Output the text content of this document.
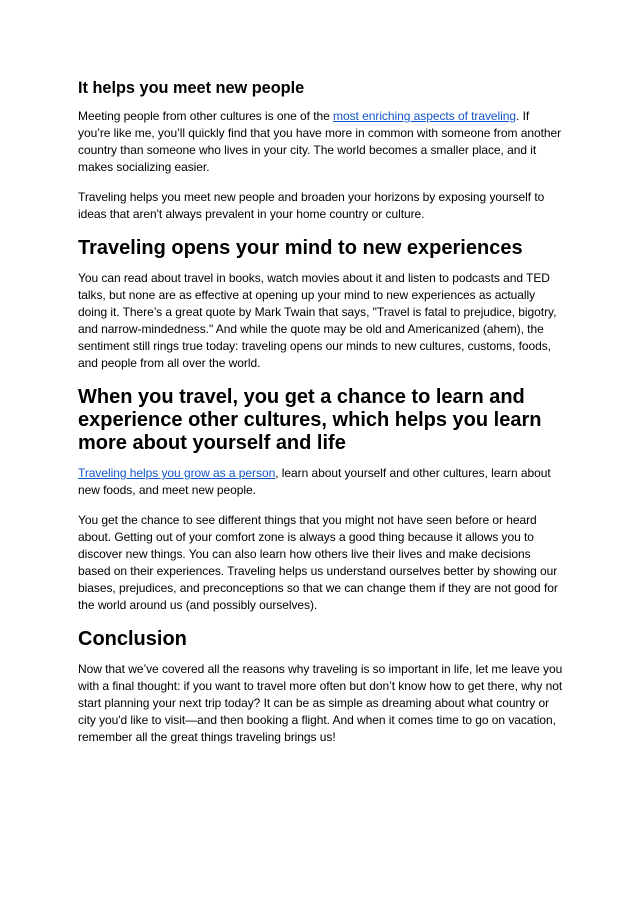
It helps you meet new people

Meeting people from other cultures is one of the most enriching aspects of traveling. If you’re like me, you’ll quickly find that you have more in common with someone from another country than someone who lives in your city. The world becomes a smaller place, and it makes socializing easier.

Traveling helps you meet new people and broaden your horizons by exposing yourself to ideas that aren't always prevalent in your home country or culture.

Traveling opens your mind to new experiences

You can read about travel in books, watch movies about it and listen to podcasts and TED talks, but none are as effective at opening up your mind to new experiences as actually doing it. There’s a great quote by Mark Twain that says, "Travel is fatal to prejudice, bigotry, and narrow-mindedness." And while the quote may be old and Americanized (ahem), the sentiment still rings true today: traveling opens our minds to new cultures, customs, foods, and people from all over the world.

When you travel, you get a chance to learn and experience other cultures, which helps you learn more about yourself and life

Traveling helps you grow as a person, learn about yourself and other cultures, learn about new foods, and meet new people.

You get the chance to see different things that you might not have seen before or heard about. Getting out of your comfort zone is always a good thing because it allows you to discover new things. You can also learn how others live their lives and make decisions based on their experiences. Traveling helps us understand ourselves better by showing our biases, prejudices, and preconceptions so that we can change them if they are not good for the world around us (and possibly ourselves).

Conclusion

Now that we’ve covered all the reasons why traveling is so important in life, let me leave you with a final thought: if you want to travel more often but don’t know how to get there, why not start planning your next trip today? It can be as simple as dreaming about what country or city you'd like to visit—and then booking a flight. And when it comes time to go on vacation, remember all the great things traveling brings us!
